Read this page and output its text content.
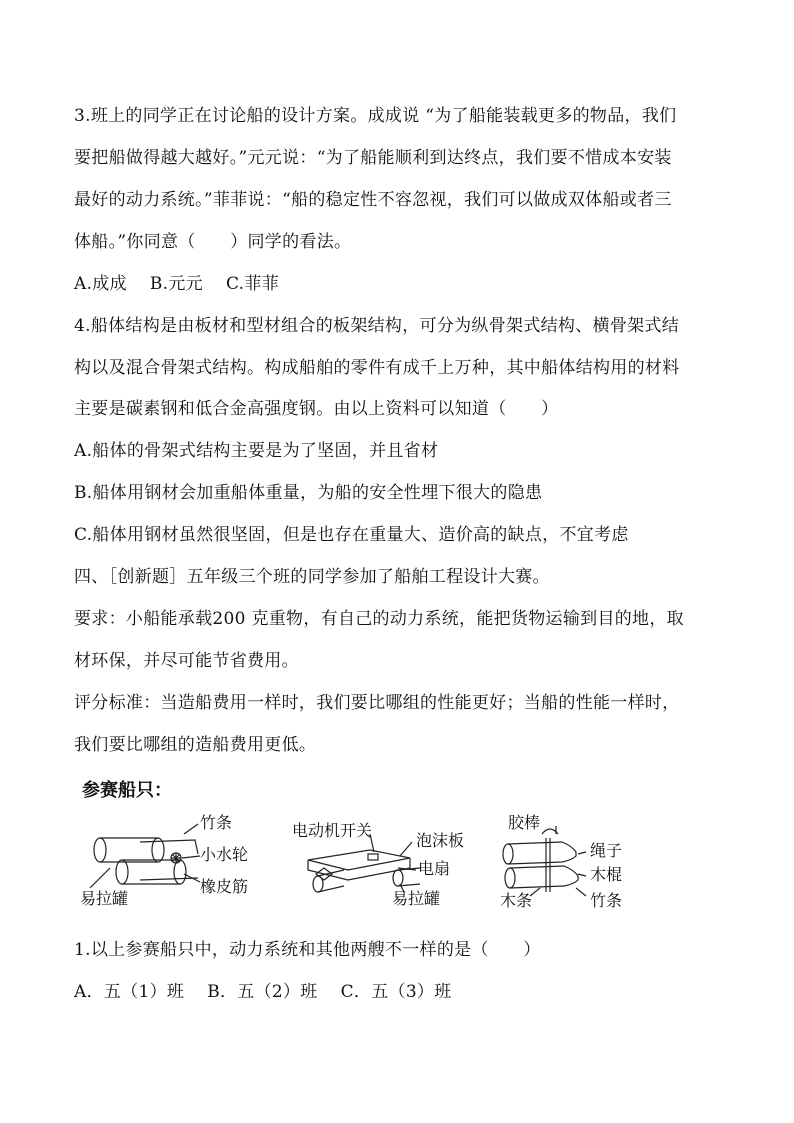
3.班上的同学正在讨论船的设计方案。成成说 “为了船能装载更多的物品，我们
要把船做得越大越好。”元元说：“为了船能顺利到达终点，我们要不惜成本安装
最好的动力系统。”菲菲说：“船的稳定性不容忽视，我们可以做成双体船或者三
体船。”你同意（　　）同学的看法。
A.成成　 B.元元　 C.菲菲
4.船体结构是由板材和型材组合的板架结构，可分为纵骨架式结构、横骨架式结
构以及混合骨架式结构。构成船舶的零件有成千上万种，其中船体结构用的材料
主要是碳素钢和低合金高强度钢。由以上资料可以知道（　　）
A.船体的骨架式结构主要是为了坚固，并且省材
B.船体用钢材会加重船体重量，为船的安全性埋下很大的隐患
C.船体用钢材虽然很坚固，但是也存在重量大、造价高的缺点，不宜考虑
四、［创新题］五年级三个班的同学参加了船舶工程设计大赛。
要求：小船能承载200 克重物，有自己的动力系统，能把货物运输到目的地，取
材环保，并尽可能节省费用。
评分标准：当造船费用一样时，我们要比哪组的性能更好；当船的性能一样时，
我们要比哪组的造船费用更低。
参赛船只：
竹条
小水轮
橡皮筋
易拉罐
电动机开关
泡沫板
电扇
易拉罐
胶棒
绳子
木棍
木条	竹条
1.以上参赛船只中，动力系统和其他两艘不一样的是（　　）
A．五（1）班　 B．五（2）班　 C．五（3）班
